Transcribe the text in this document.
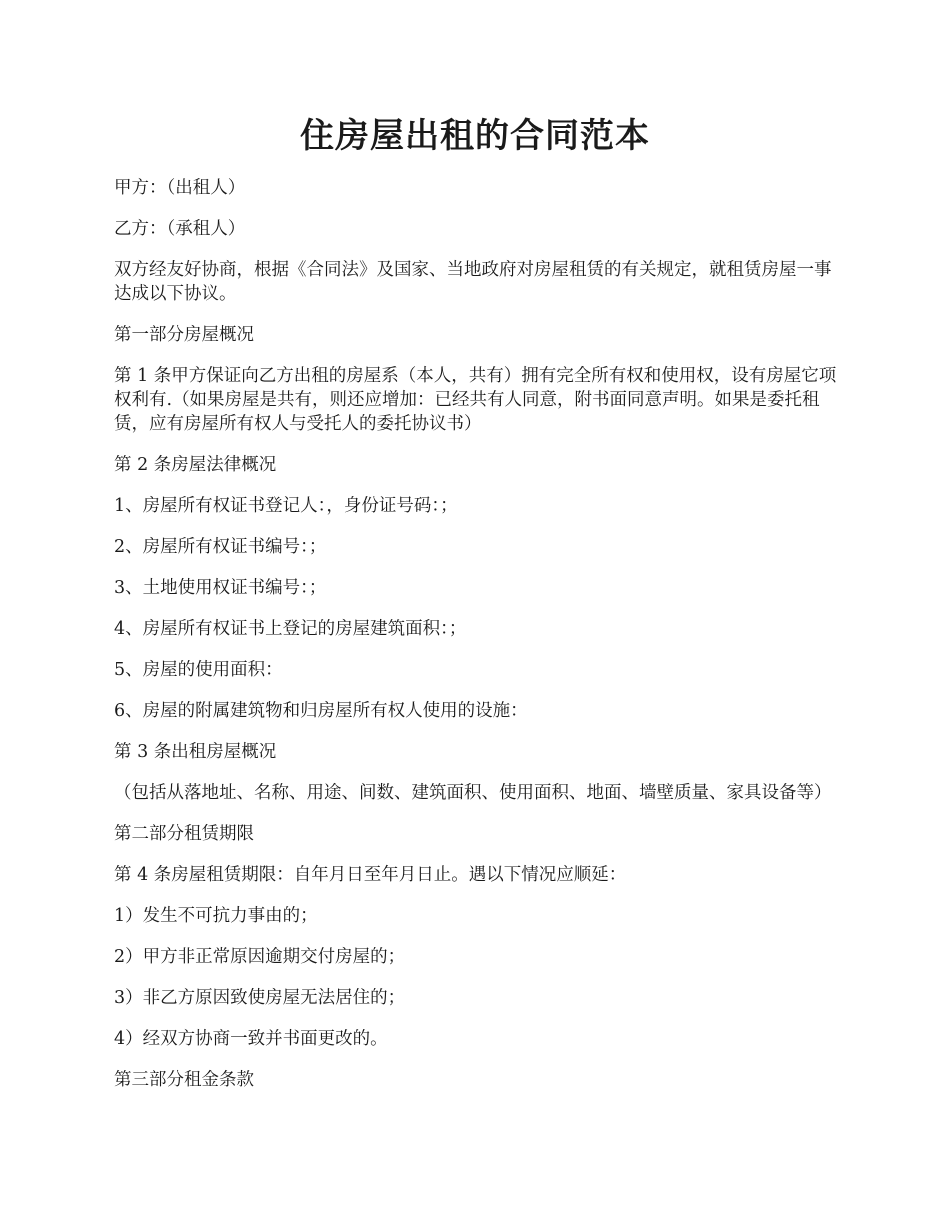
住房屋出租的合同范本

甲方：（出租人）

乙方：（承租人）

双方经友好协商，根据《合同法》及国家、当地政府对房屋租赁的有关规定，就租赁房屋一事达成以下协议。

第一部分房屋概况

第 1 条甲方保证向乙方出租的房屋系（本人，共有）拥有完全所有权和使用权，设有房屋它项权利有.（如果房屋是共有，则还应增加：已经共有人同意，附书面同意声明。如果是委托租赁，应有房屋所有权人与受托人的委托协议书）

第 2 条房屋法律概况

1、房屋所有权证书登记人：，身份证号码：；

2、房屋所有权证书编号：；

3、土地使用权证书编号：；

4、房屋所有权证书上登记的房屋建筑面积：；

5、房屋的使用面积：

6、房屋的附属建筑物和归房屋所有权人使用的设施：

第 3 条出租房屋概况

（包括从落地址、名称、用途、间数、建筑面积、使用面积、地面、墙壁质量、家具设备等）

第二部分租赁期限

第 4 条房屋租赁期限：自年月日至年月日止。遇以下情况应顺延：

1）发生不可抗力事由的；

2）甲方非正常原因逾期交付房屋的；

3）非乙方原因致使房屋无法居住的；

4）经双方协商一致并书面更改的。

第三部分租金条款
